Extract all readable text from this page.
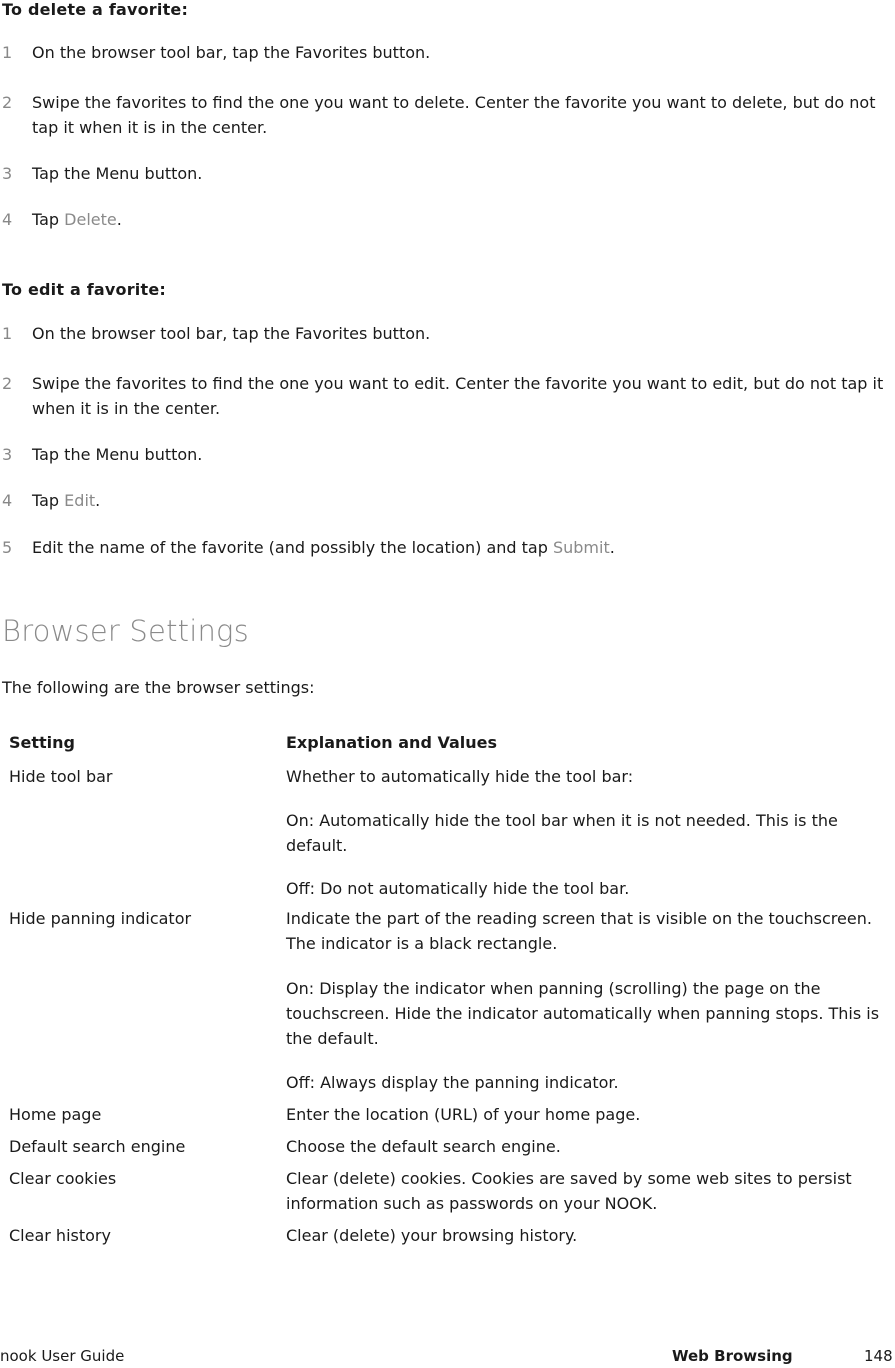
To delete a favorite:
1 On the browser tool bar, tap the Favorites button.
2 Swipe the favorites to find the one you want to delete. Center the favorite you want to delete, but do not tap it when it is in the center.
3 Tap the Menu button.
4 Tap Delete.
To edit a favorite:
1 On the browser tool bar, tap the Favorites button.
2 Swipe the favorites to find the one you want to edit. Center the favorite you want to edit, but do not tap it when it is in the center.
3 Tap the Menu button.
4 Tap Edit.
5 Edit the name of the favorite (and possibly the location) and tap Submit.
Browser Settings
The following are the browser settings:
Setting	Explanation and Values
Hide tool bar	Whether to automatically hide the tool bar:
On: Automatically hide the tool bar when it is not needed. This is the default.
Off: Do not automatically hide the tool bar.
Hide panning indicator	Indicate the part of the reading screen that is visible on the touchscreen. The indicator is a black rectangle.
On: Display the indicator when panning (scrolling) the page on the touchscreen. Hide the indicator automatically when panning stops. This is the default.
Off: Always display the panning indicator.
Home page	Enter the location (URL) of your home page.
Default search engine	Choose the default search engine.
Clear cookies	Clear (delete) cookies. Cookies are saved by some web sites to persist information such as passwords on your NOOK.
Clear history	Clear (delete) your browsing history.
nook User Guide	Web Browsing	148
